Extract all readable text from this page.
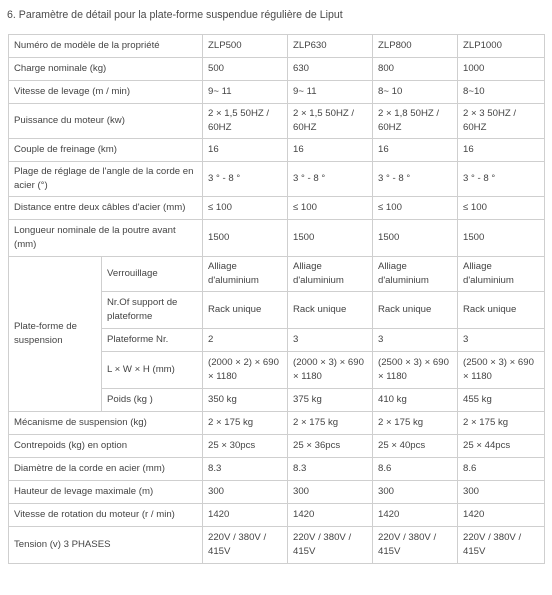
6. Paramètre de détail pour la plate-forme suspendue régulière de Liput
Numéro de modèle de la propriété		ZLP500	ZLP630	ZLP800	ZLP1000
Charge nominale (kg)		500	630	800	1000
Vitesse de levage (m / min)		9~ 11	9~ 11	8~ 10	8~10
Puissance du moteur (kw)		2 × 1,5 50HZ / 60HZ	2 × 1,5 50HZ / 60HZ	2 × 1,8 50HZ / 60HZ	2 × 3 50HZ / 60HZ
Couple de freinage (km)		16	16	16	16
Plage de réglage de l'angle de la corde en acier (°)		3 ° - 8 °	3 ° - 8 °	3 ° - 8 °	3 ° - 8 °
Distance entre deux câbles d'acier (mm)		≤ 100	≤ 100	≤ 100	≤ 100
Longueur nominale de la poutre avant (mm)		1500	1500	1500	1500
Plate-forme de suspension	Verrouillage	Alliage d'aluminium	Alliage d'aluminium	Alliage d'aluminium	Alliage d'aluminium
	Nr.Of support de plateforme	Rack unique	Rack unique	Rack unique	Rack unique
	Plateforme Nr.	2	3	3	3
	L × W × H (mm)	(2000 × 2) × 690 × 1180	(2000 × 3) × 690 × 1180	(2500 × 3) × 690 × 1180	(2500 × 3) × 690 × 1180
	Poids (kg )	350 kg	375 kg	410 kg	455 kg
Mécanisme de suspension (kg)		2 × 175 kg	2 × 175 kg	2 × 175 kg	2 × 175 kg
Contrepoids (kg) en option		25 × 30pcs	25 × 36pcs	25 × 40pcs	25 × 44pcs
Diamètre de la corde en acier (mm)		8.3	8.3	8.6	8.6
Hauteur de levage maximale (m)		300	300	300	300
Vitesse de rotation du moteur (r / min)		1420	1420	1420	1420
Tension (v) 3 PHASES		220V / 380V / 415V	220V / 380V / 415V	220V / 380V / 415V	220V / 380V / 415V
